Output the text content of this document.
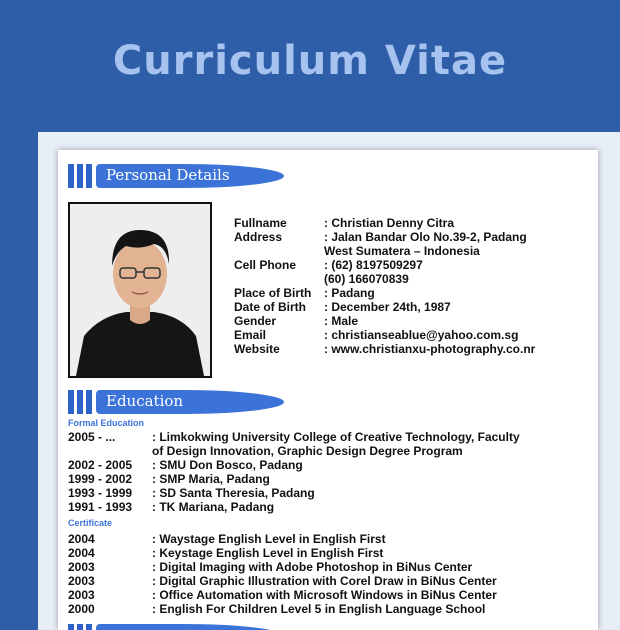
Curriculum Vitae
Personal Details
Fullname	: Christian Denny Citra
Address	: Jalan Bandar Olo No.39-2, Padang
West Sumatera – Indonesia
Cell Phone	: (62) 8197509297
(60) 166070839
Place of Birth	: Padang
Date of Birth	: December 24th, 1987
Gender	: Male
Email	: christianseablue@yahoo.com.sg
Website	: www.christianxu-photography.co.nr
Education
Formal Education
2005 - ...	: Limkokwing University College of Creative Technology, Faculty
of Design Innovation, Graphic Design Degree Program
2002 - 2005	: SMU Don Bosco, Padang
1999 - 2002	: SMP Maria, Padang
1993 - 1999	: SD Santa Theresia, Padang
1991 - 1993	: TK Mariana, Padang
Certificate
2004	: Waystage English Level in English First
2004	: Keystage English Level in English First
2003	: Digital Imaging with Adobe Photoshop in BiNus Center
2003	: Digital Graphic Illustration with Corel Draw in BiNus Center
2003	: Office Automation with Microsoft Windows in BiNus Center
2000	: English For Children Level 5 in English Language School
